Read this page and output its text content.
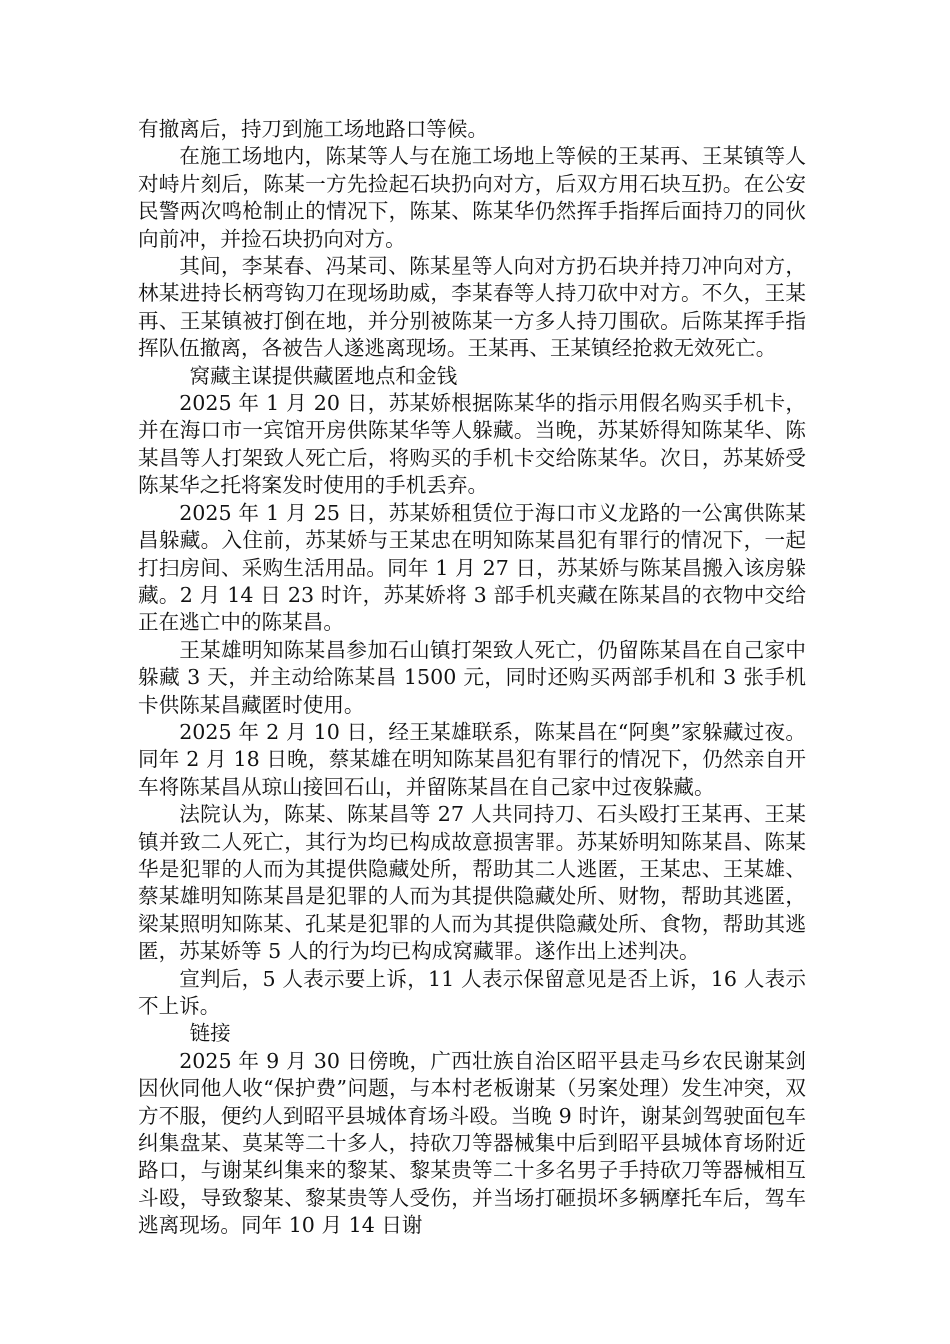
有撤离后，持刀到施工场地路口等候。

在施工场地内，陈某等人与在施工场地上等候的王某再、王某镇等人对峙片刻后，陈某一方先捡起石块扔向对方，后双方用石块互扔。在公安民警两次鸣枪制止的情况下，陈某、陈某华仍然挥手指挥后面持刀的同伙向前冲，并捡石块扔向对方。

其间，李某春、冯某司、陈某星等人向对方扔石块并持刀冲向对方，林某进持长柄弯钩刀在现场助威，李某春等人持刀砍中对方。不久，王某再、王某镇被打倒在地，并分别被陈某一方多人持刀围砍。后陈某挥手指挥队伍撤离，各被告人遂逃离现场。王某再、王某镇经抢救无效死亡。

窝藏主谋提供藏匿地点和金钱

2025 年 1 月 20 日，苏某娇根据陈某华的指示用假名购买手机卡，并在海口市一宾馆开房供陈某华等人躲藏。当晚，苏某娇得知陈某华、陈某昌等人打架致人死亡后，将购买的手机卡交给陈某华。次日，苏某娇受陈某华之托将案发时使用的手机丢弃。

2025 年 1 月 25 日，苏某娇租赁位于海口市义龙路的一公寓供陈某昌躲藏。入住前，苏某娇与王某忠在明知陈某昌犯有罪行的情况下，一起打扫房间、采购生活用品。同年 1 月 27 日，苏某娇与陈某昌搬入该房躲藏。2 月 14 日 23 时许，苏某娇将 3 部手机夹藏在陈某昌的衣物中交给正在逃亡中的陈某昌。

王某雄明知陈某昌参加石山镇打架致人死亡，仍留陈某昌在自己家中躲藏 3 天，并主动给陈某昌 1500 元，同时还购买两部手机和 3 张手机卡供陈某昌藏匿时使用。

2025 年 2 月 10 日，经王某雄联系，陈某昌在“阿奥”家躲藏过夜。同年 2 月 18 日晚，蔡某雄在明知陈某昌犯有罪行的情况下，仍然亲自开车将陈某昌从琼山接回石山，并留陈某昌在自己家中过夜躲藏。

法院认为，陈某、陈某昌等 27 人共同持刀、石头殴打王某再、王某镇并致二人死亡，其行为均已构成故意损害罪。苏某娇明知陈某昌、陈某华是犯罪的人而为其提供隐藏处所，帮助其二人逃匿，王某忠、王某雄、蔡某雄明知陈某昌是犯罪的人而为其提供隐藏处所、财物，帮助其逃匿，梁某照明知陈某、孔某是犯罪的人而为其提供隐藏处所、食物，帮助其逃匿，苏某娇等 5 人的行为均已构成窝藏罪。遂作出上述判决。

宣判后，5 人表示要上诉，11 人表示保留意见是否上诉，16 人表示不上诉。

链接

2025 年 9 月 30 日傍晚，广西壮族自治区昭平县走马乡农民谢某剑因伙同他人收“保护费”问题，与本村老板谢某（另案处理）发生冲突，双方不服，便约人到昭平县城体育场斗殴。当晚 9 时许，谢某剑驾驶面包车纠集盘某、莫某等二十多人，持砍刀等器械集中后到昭平县城体育场附近路口，与谢某纠集来的黎某、黎某贵等二十多名男子手持砍刀等器械相互斗殴，导致黎某、黎某贵等人受伤，并当场打砸损坏多辆摩托车后，驾车逃离现场。同年 10 月 14 日谢
